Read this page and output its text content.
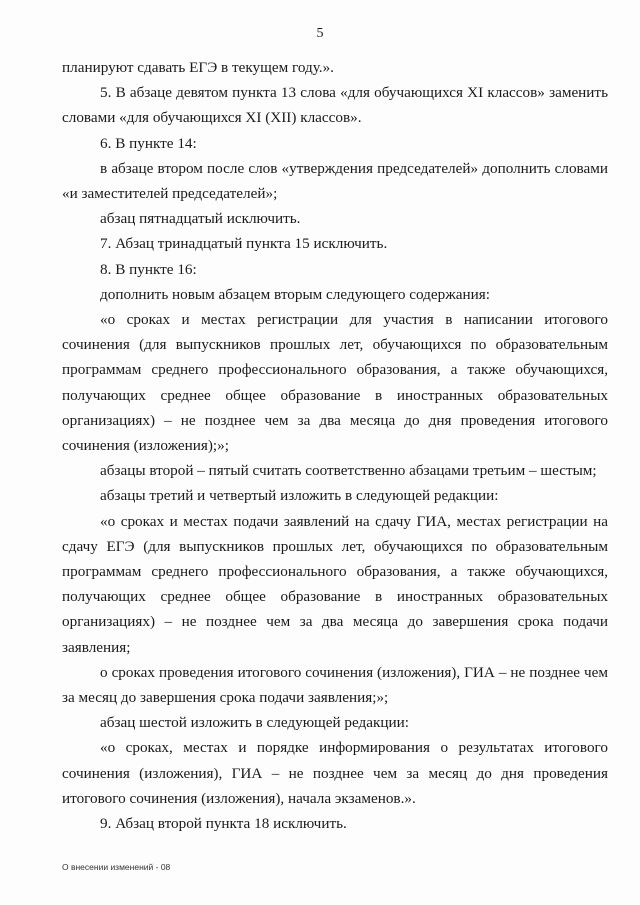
5

планируют сдавать ЕГЭ в текущем году.».

5. В абзаце девятом пункта 13 слова «для обучающихся XI классов» заменить словами «для обучающихся XI (XII) классов».

6. В пункте 14:

в абзаце втором после слов «утверждения председателей» дополнить словами «и заместителей председателей»;

абзац пятнадцатый исключить.

7. Абзац тринадцатый пункта 15 исключить.

8. В пункте 16:

дополнить новым абзацем вторым следующего содержания:

«о сроках и местах регистрации для участия в написании итогового сочинения (для выпускников прошлых лет, обучающихся по образовательным программам среднего профессионального образования, а также обучающихся, получающих среднее общее образование в иностранных образовательных организациях) – не позднее чем за два месяца до дня проведения итогового сочинения (изложения);»;

абзацы второй – пятый считать соответственно абзацами третьим – шестым;

абзацы третий и четвертый изложить в следующей редакции:

«о сроках и местах подачи заявлений на сдачу ГИА, местах регистрации на сдачу ЕГЭ (для выпускников прошлых лет, обучающихся по образовательным программам среднего профессионального образования, а также обучающихся, получающих среднее общее образование в иностранных образовательных организациях) – не позднее чем за два месяца до завершения срока подачи заявления;

о сроках проведения итогового сочинения (изложения), ГИА – не позднее чем за месяц до завершения срока подачи заявления;»;

абзац шестой изложить в следующей редакции:

«о сроках, местах и порядке информирования о результатах итогового сочинения (изложения), ГИА – не позднее чем за месяц до дня проведения итогового сочинения (изложения), начала экзаменов.».

9. Абзац второй пункта 18 исключить.

О внесении изменений - 08
